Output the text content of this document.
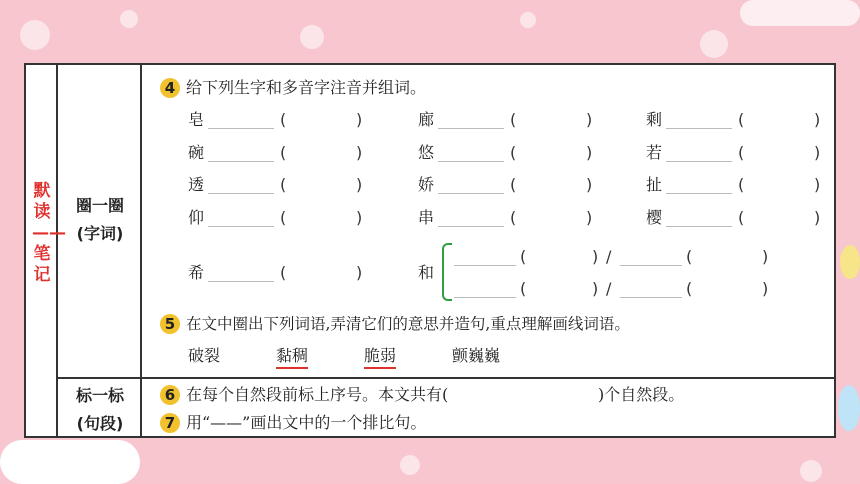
默读——笔记
圈一圈
(字词)
标一标
(句段)
4 给下列生字和多音字注音并组词。
皂	(	)	廊	(	)	剩	(	)
碗	(	)	悠	(	)	若	(	)
透	(	)	娇	(	)	扯	(	)
仰	(	)	串	(	)	樱	(	)
希	(	)	和
(	) /	(	)
(	) /	(	)
5 在文中圈出下列词语,弄清它们的意思并造句,重点理解画线词语。
破裂	黏稠	脆弱	颤巍巍
6 在每个自然段前标上序号。本文共有(	)个自然段。
7 用“——”画出文中的一个排比句。
